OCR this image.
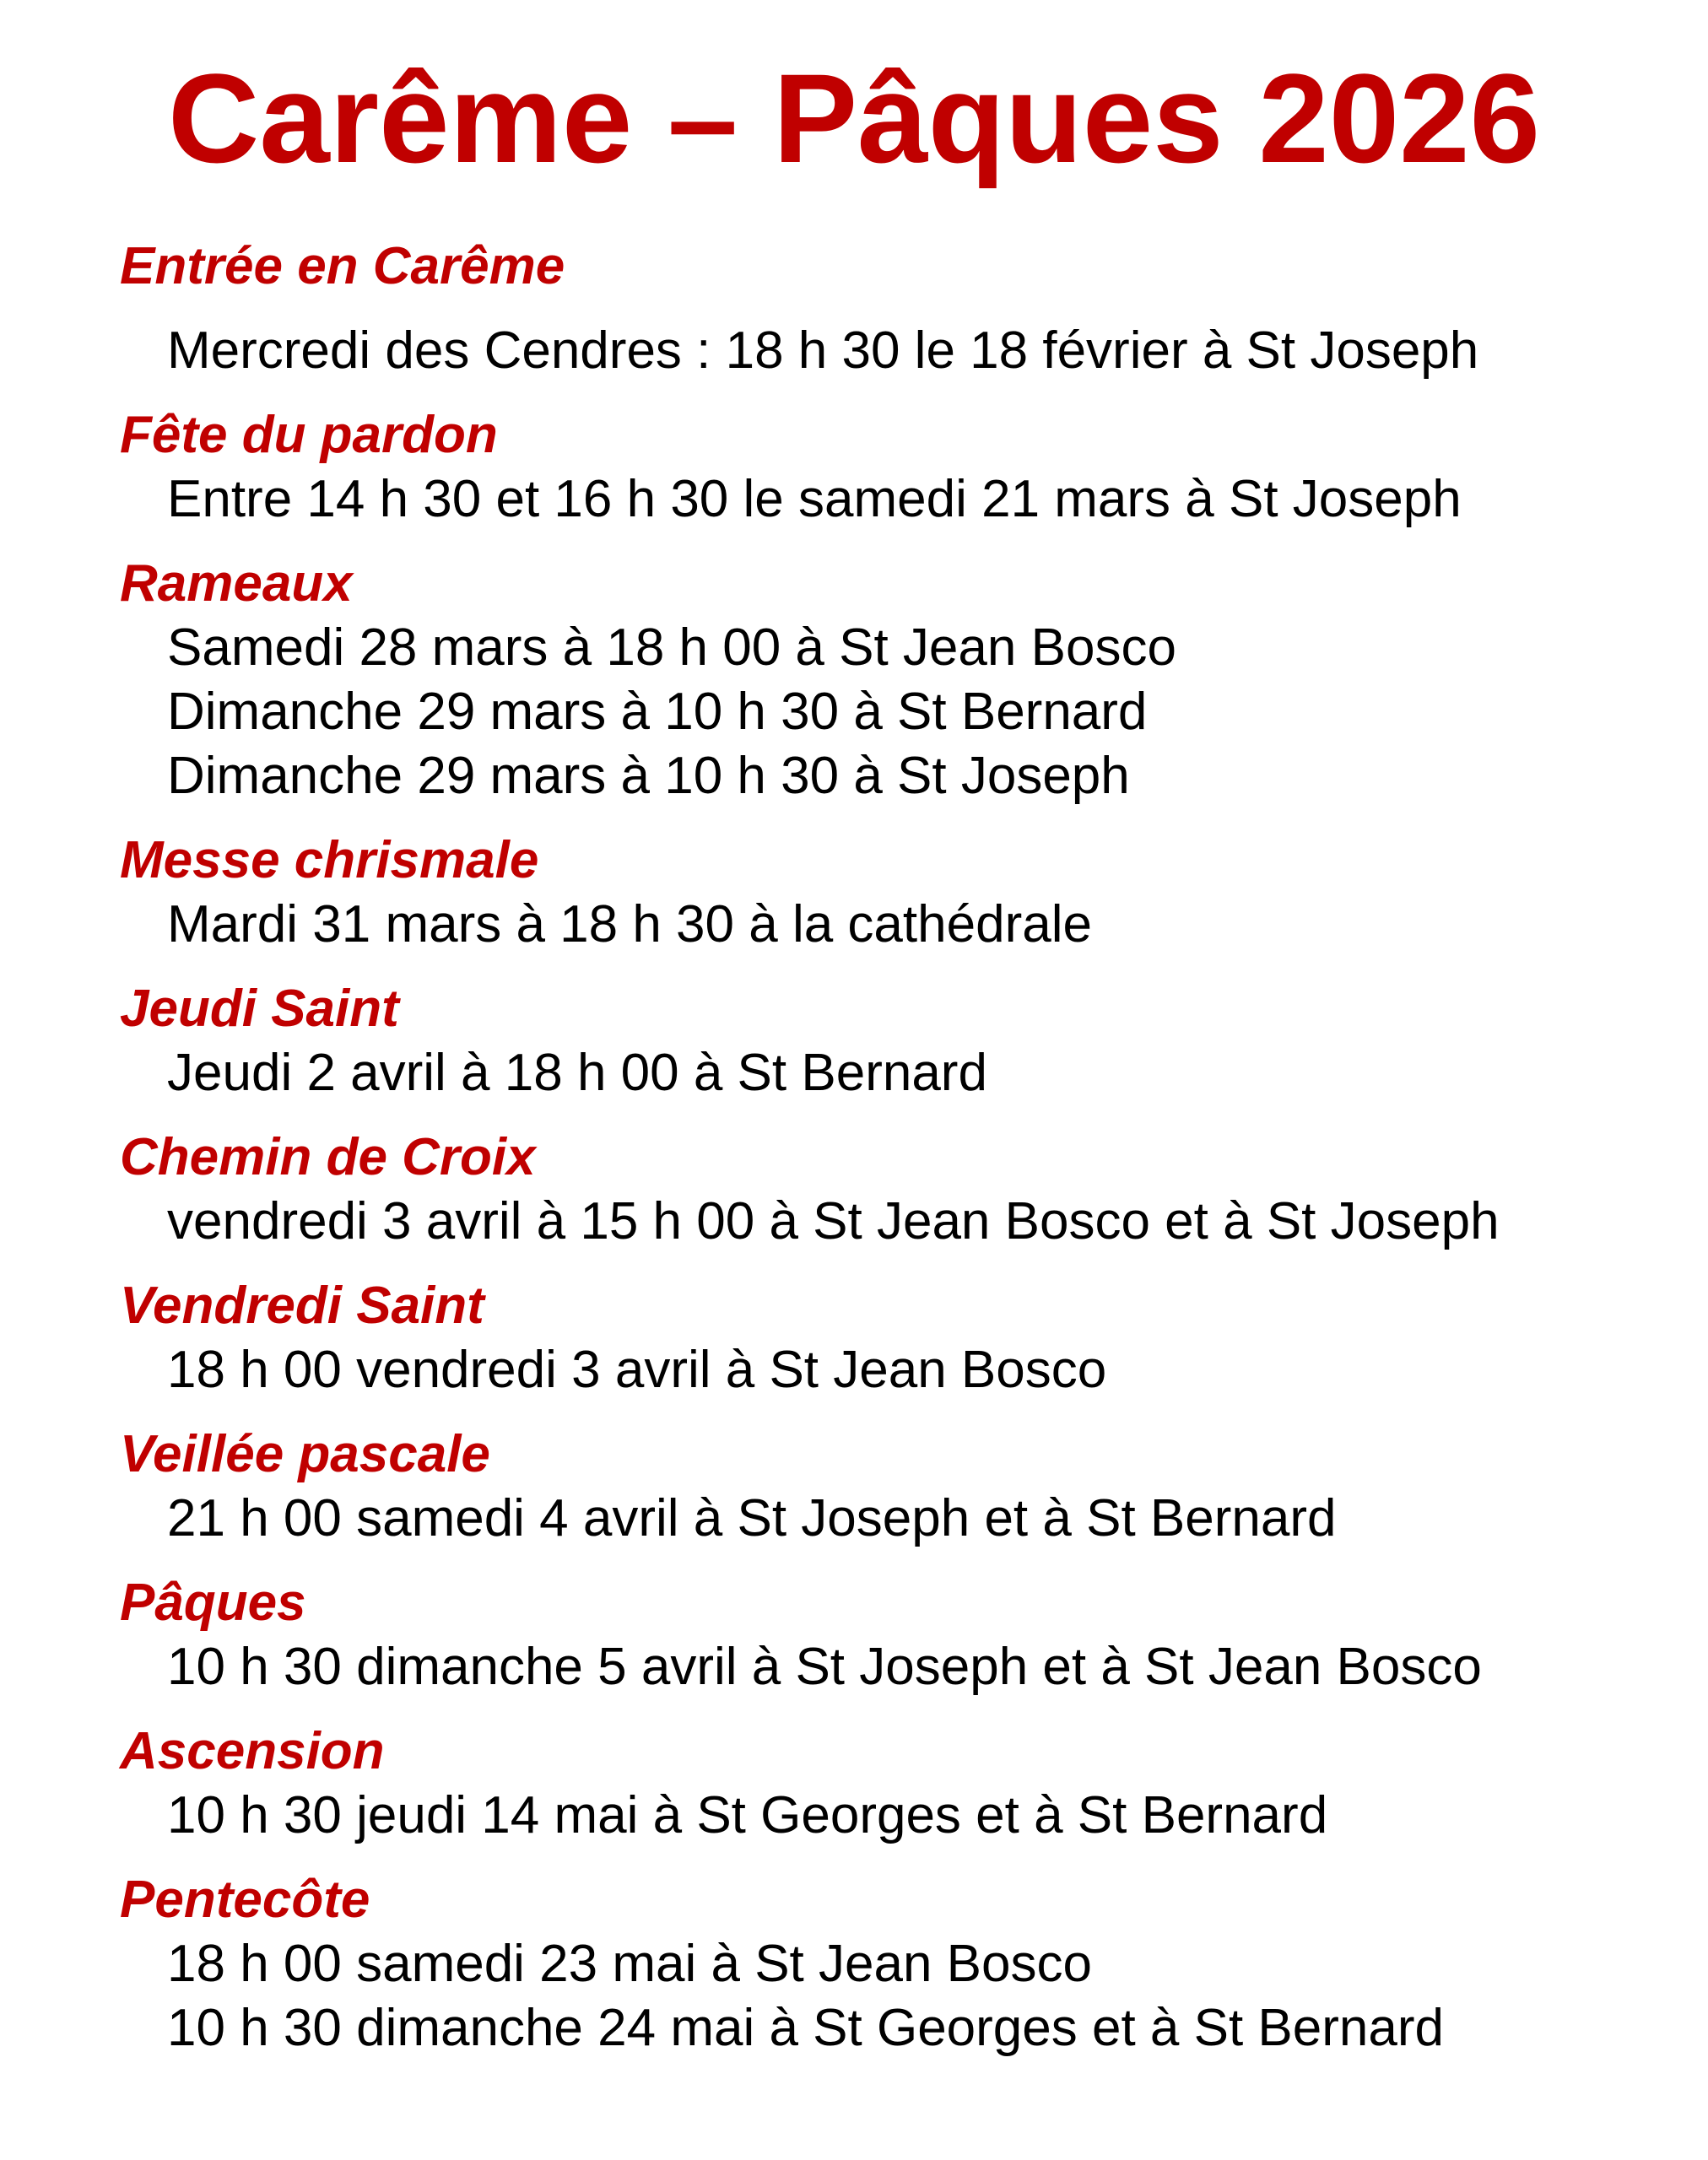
Carême – Pâques 2026
Entrée en Carême
Mercredi des Cendres : 18 h 30 le 18 février à St Joseph
Fête du pardon
Entre 14 h 30 et 16 h 30 le samedi 21 mars à St Joseph
Rameaux
Samedi 28 mars à 18 h 00 à St Jean Bosco
Dimanche 29 mars à 10 h 30 à St Bernard
Dimanche 29 mars à 10 h 30 à St Joseph
Messe chrismale
Mardi 31 mars à 18 h 30 à la cathédrale
Jeudi Saint
Jeudi 2 avril à 18 h 00 à St Bernard
Chemin de Croix
vendredi 3 avril à 15 h 00 à St Jean Bosco et à St Joseph
Vendredi Saint
18 h 00 vendredi 3 avril à St Jean Bosco
Veillée pascale
21 h 00 samedi 4 avril à St Joseph et à St Bernard
Pâques
10 h 30 dimanche 5 avril à St Joseph et à St Jean Bosco
Ascension
10 h 30 jeudi 14 mai à St Georges et à St Bernard
Pentecôte
18 h 00 samedi 23 mai à St Jean Bosco
10 h 30 dimanche 24 mai à St Georges et à St Bernard
